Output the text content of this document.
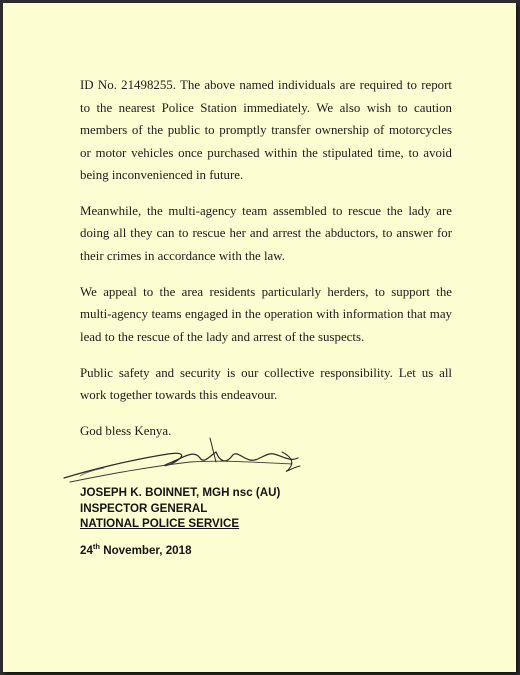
ID No. 21498255. The above named individuals are required to report to the nearest Police Station immediately. We also wish to caution members of the public to promptly transfer ownership of motorcycles or motor vehicles once purchased within the stipulated time, to avoid being inconvenienced in future.

Meanwhile, the multi-agency team assembled to rescue the lady are doing all they can to rescue her and arrest the abductors, to answer for their crimes in accordance with the law.

We appeal to the area residents particularly herders, to support the multi-agency teams engaged in the operation with information that may lead to the rescue of the lady and arrest of the suspects.

Public safety and security is our collective responsibility. Let us all work together towards this endeavour.

God bless Kenya.

JOSEPH K. BOINNET, MGH nsc (AU)
INSPECTOR GENERAL
NATIONAL POLICE SERVICE
24th November, 2018
